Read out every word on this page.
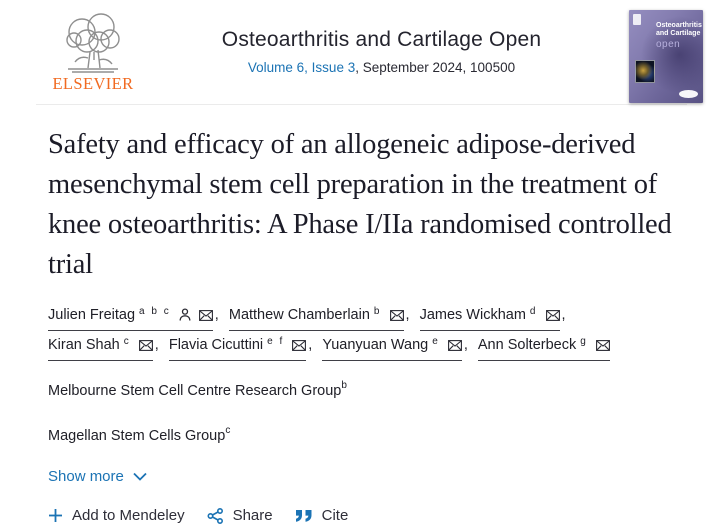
ELSEVIER
Osteoarthritis and Cartilage Open
Volume 6, Issue 3, September 2024, 100500
Osteoarthritis
and Cartilage
open
Safety and efficacy of an allogeneic adipose-derived mesenchymal stem cell preparation in the treatment of knee osteoarthritis: A Phase I/IIa randomised controlled trial
Julien Freitag $^{a b c}$	, Matthew Chamberlain $^b$ , James Wickham $^d$ , Kiran Shah $^c$ , Flavia Cicuttini $^{e f}$ , Yuanyuan Wang $^e$ , Ann Solterbeck $^g$
Melbourne Stem Cell Centre Research Group$^b$
Magellan Stem Cells Group$^c$
Show more
Add to Mendeley	Share	Cite
